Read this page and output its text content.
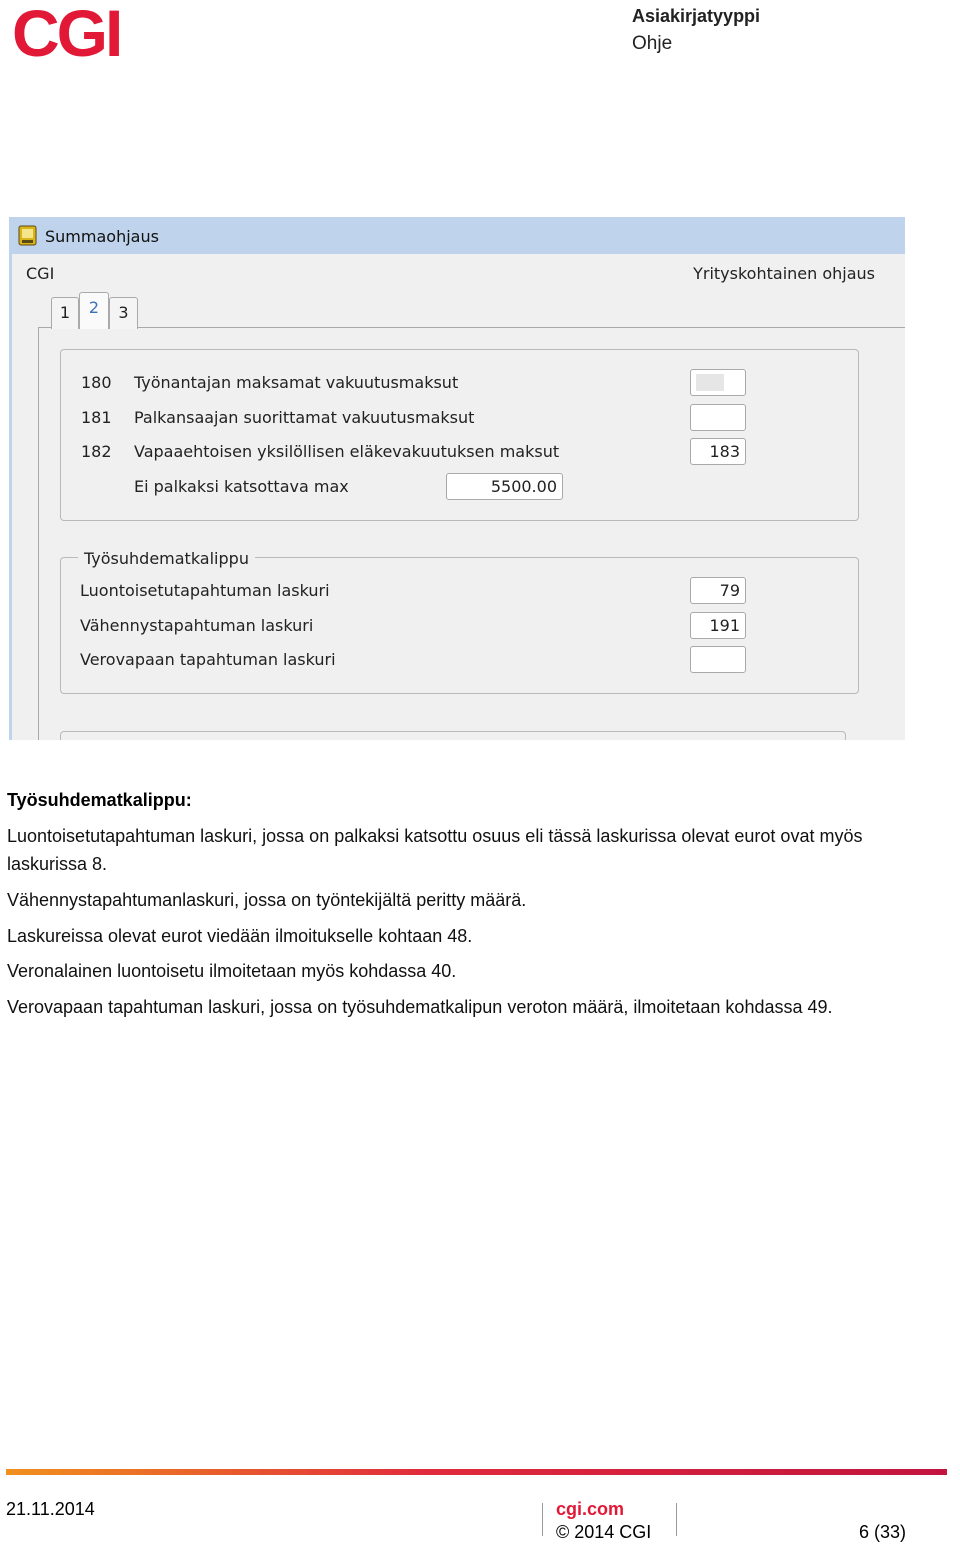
CGI	Asiakirjatyyppi
Ohje
Summaohjaus
CGI	Yrityskohtainen ohjaus
1	2	3
180 Työnantajan maksamat vakuutusmaksut
181 Palkansaajan suorittamat vakuutusmaksut
182 Vapaaehtoisen yksilöllisen eläkevakuutuksen maksut	183
Ei palkaksi katsottava max	5500.00
Työsuhdematkalippu
Luontoisetutapahtuman laskuri	79
Vähennystapahtuman laskuri	191
Verovapaan tapahtuman laskuri
Työsuhdematkalippu:
Luontoisetutapahtuman laskuri, jossa on palkaksi katsottu osuus eli tässä laskurissa olevat eurot ovat myös
laskurissa 8.
Vähennystapahtumanlaskuri, jossa on työntekijältä peritty määrä.
Laskureissa olevat eurot viedään ilmoitukselle kohtaan 48.
Veronalainen luontoisetu ilmoitetaan myös kohdassa 40.
Verovapaan tapahtuman laskuri, jossa on työsuhdematkalipun veroton määrä, ilmoitetaan kohdassa 49.
21.11.2014	cgi.com
© 2014 CGI	6 (33)
